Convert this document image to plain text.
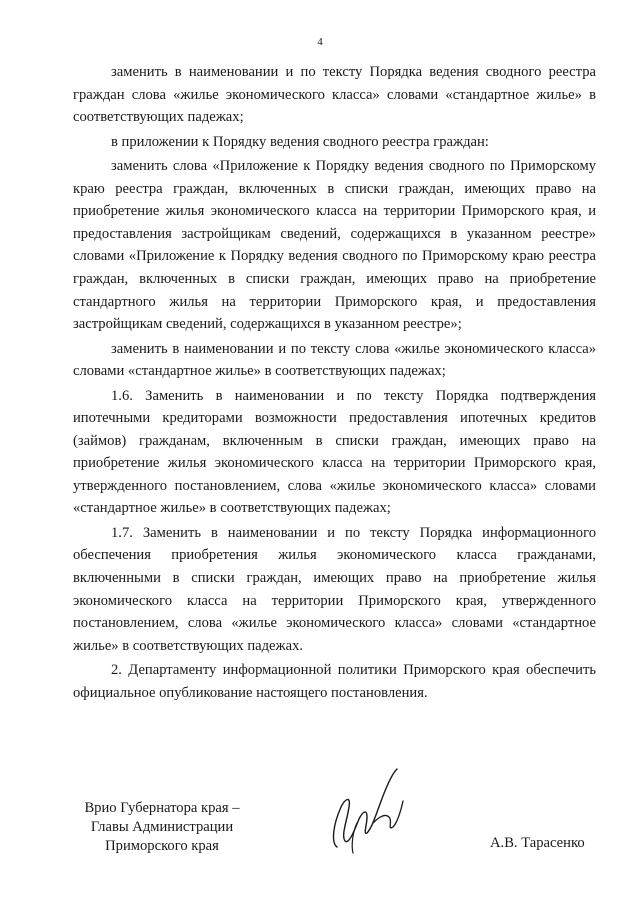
4

заменить в наименовании и по тексту Порядка ведения сводного реестра граждан слова «жилье экономического класса» словами «стандартное жилье» в соответствующих падежах;

в приложении к Порядку ведения сводного реестра граждан:

заменить слова «Приложение к Порядку ведения сводного по Приморскому краю реестра граждан, включенных в списки граждан, имеющих право на приобретение жилья экономического класса на территории Приморского края, и предоставления застройщикам сведений, содержащихся в указанном реестре» словами «Приложение к Порядку ведения сводного по Приморскому краю реестра граждан, включенных в списки граждан, имеющих право на приобретение стандартного жилья на территории Приморского края, и предоставления застройщикам сведений, содержащихся в указанном реестре»;

заменить в наименовании и по тексту слова «жилье экономического класса» словами «стандартное жилье» в соответствующих падежах;

1.6. Заменить в наименовании и по тексту Порядка подтверждения ипотечными кредиторами возможности предоставления ипотечных кредитов (займов) гражданам, включенным в списки граждан, имеющих право на приобретение жилья экономического класса на территории Приморского края, утвержденного постановлением, слова «жилье экономического класса» словами «стандартное жилье» в соответствующих падежах;

1.7. Заменить в наименовании и по тексту Порядка информационного обеспечения приобретения жилья экономического класса гражданами, включенными в списки граждан, имеющих право на приобретение жилья экономического класса на территории Приморского края, утвержденного постановлением, слова «жилье экономического класса» словами «стандартное жилье» в соответствующих падежах.

2. Департаменту информационной политики Приморского края обеспечить официальное опубликование настоящего постановления.

Врио Губернатора края –
Главы Администрации
Приморского края	А.В. Тарасенко
